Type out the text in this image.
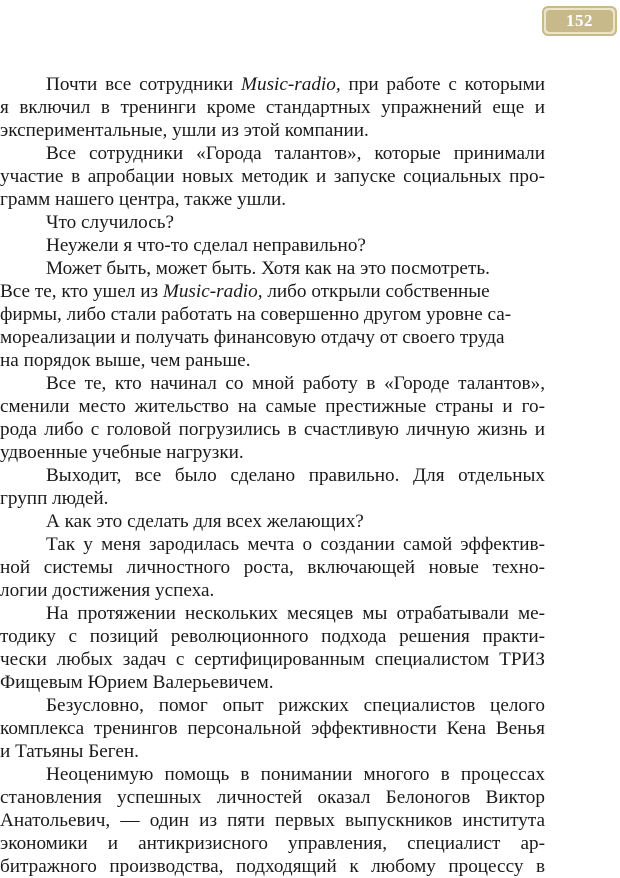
152
Почти все сотрудники Music-radio, при работе с которыми
я включил в тренинги кроме стандартных упражнений еще и
экспериментальные, ушли из этой компании.
Все сотрудники «Города талантов», которые принимали
участие в апробации новых методик и запуске социальных про-
грамм нашего центра, также ушли.
Что случилось?
Неужели я что-то сделал неправильно?
Может быть, может быть. Хотя как на это посмотреть.
Все те, кто ушел из Music-radio, либо открыли собственные
фирмы, либо стали работать на совершенно другом уровне са-
мореализации и получать финансовую отдачу от своего труда
на порядок выше, чем раньше.
Все те, кто начинал со мной работу в «Городе талантов»,
сменили место жительство на самые престижные страны и го-
рода либо с головой погрузились в счастливую личную жизнь и
удвоенные учебные нагрузки.
Выходит, все было сделано правильно. Для отдельных
групп людей.
А как это сделать для всех желающих?
Так у меня зародилась мечта о создании самой эффектив-
ной системы личностного роста, включающей новые техно-
логии достижения успеха.
На протяжении нескольких месяцев мы отрабатывали ме-
тодику с позиций революционного подхода решения практи-
чески любых задач с сертифицированным специалистом ТРИЗ
Фищевым Юрием Валерьевичем.
Безусловно, помог опыт рижских специалистов целого
комплекса тренингов персональной эффективности Кена Венья
и Татьяны Беген.
Неоценимую помощь в понимании многого в процессах
становления успешных личностей оказал Белоногов Виктор
Анатольевич, — один из пяти первых выпускников института
экономики и антикризисного управления, специалист ар-
битражного производства, подходящий к любому процессу в
